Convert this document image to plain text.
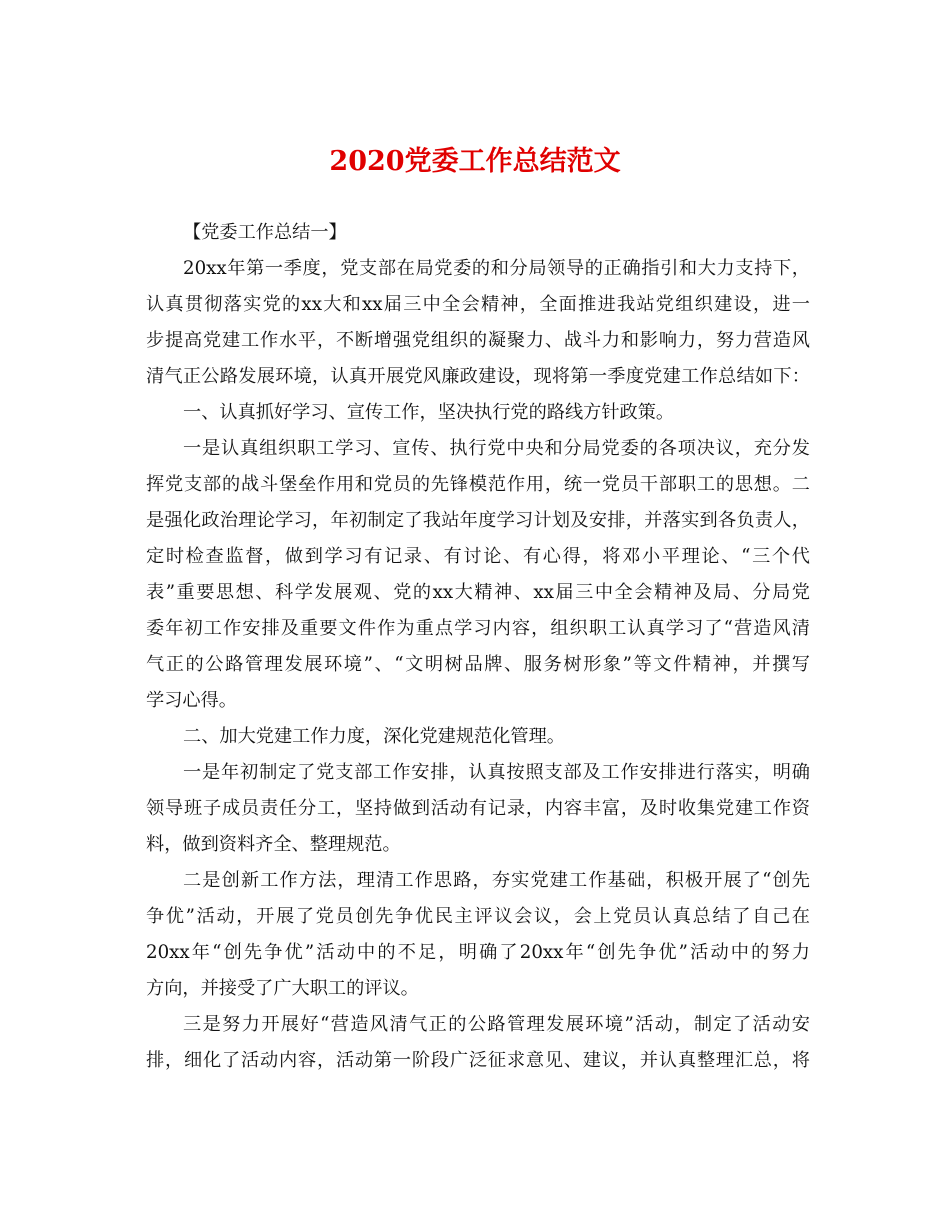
2020党委工作总结范文
【党委工作总结一】
20xx年第一季度，党支部在局党委的和分局领导的正确指引和大力支持下，
认真贯彻落实党的xx大和xx届三中全会精神，全面推进我站党组织建设，进一
步提高党建工作水平，不断增强党组织的凝聚力、战斗力和影响力，努力营造风
清气正公路发展环境，认真开展党风廉政建设，现将第一季度党建工作总结如下：
一、认真抓好学习、宣传工作，坚决执行党的路线方针政策。
一是认真组织职工学习、宣传、执行党中央和分局党委的各项决议，充分发
挥党支部的战斗堡垒作用和党员的先锋模范作用，统一党员干部职工的思想。二
是强化政治理论学习，年初制定了我站年度学习计划及安排，并落实到各负责人，
定时检查监督，做到学习有记录、有讨论、有心得，将邓小平理论、“三个代
表”重要思想、科学发展观、党的xx大精神、xx届三中全会精神及局、分局党
委年初工作安排及重要文件作为重点学习内容，组织职工认真学习了“营造风清
气正的公路管理发展环境”、“文明树品牌、服务树形象”等文件精神，并撰写
学习心得。
二、加大党建工作力度，深化党建规范化管理。
一是年初制定了党支部工作安排，认真按照支部及工作安排进行落实，明确
领导班子成员责任分工，坚持做到活动有记录，内容丰富，及时收集党建工作资
料，做到资料齐全、整理规范。
二是创新工作方法，理清工作思路，夯实党建工作基础，积极开展了“创先
争优”活动，开展了党员创先争优民主评议会议，会上党员认真总结了自己在
20xx年“创先争优”活动中的不足，明确了20xx年“创先争优”活动中的努力
方向，并接受了广大职工的评议。
三是努力开展好“营造风清气正的公路管理发展环境”活动，制定了活动安
排，细化了活动内容，活动第一阶段广泛征求意见、建议，并认真整理汇总，将
